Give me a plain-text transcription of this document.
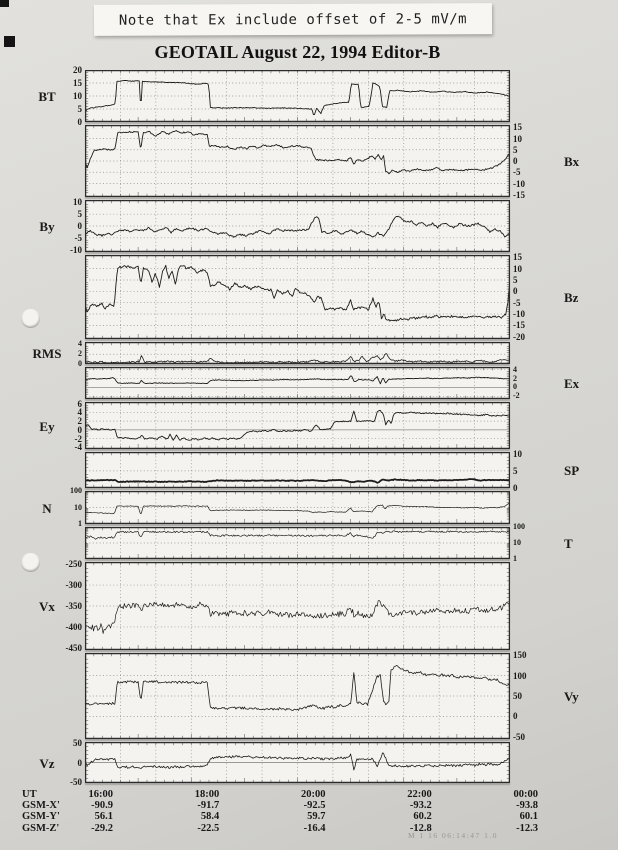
Note that Ex include offset of 2-5 mV/m
GEOTAIL August 22, 1994 Editor-B
BT
20
15
10
5
0
Bx
15
10
5
0
-5
-10
-15
By
10
5
0
-5
-10
Bz
15
10
5
0
-5
-10
-15
-20
RMS
4
2
0
Ex
4
2
0
-2
Ey
6
4
2
0
-2
-4
SP
10
5
0
N
100
10
1
T
100
10
1
Vx
-250
-300
-350
-400
-450
Vy
150
100
50
0
-50
Vz
50
0
-50
UT	16:00	18:00	20:00	22:00	00:00
GSM-X'	-90.9	-91.7	-92.5	-93.2	-93.8
GSM-Y'	56.1	58.4	59.7	60.2	60.1
GSM-Z'	-29.2	-22.5	-16.4	-12.8	-12.3
M 1 16 06:14:47 1.0
